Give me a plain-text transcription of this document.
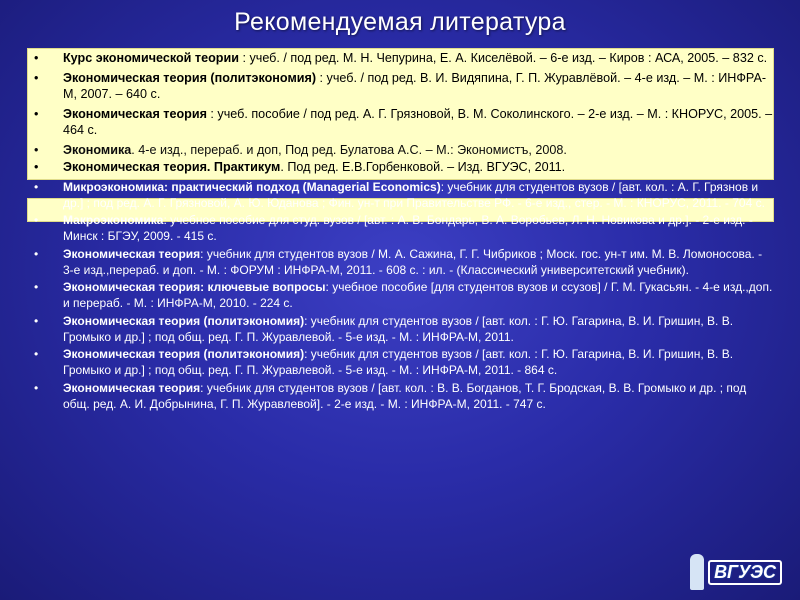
Рекомендуемая литература
• Курс экономической теории : учеб. / под ред. М. Н. Чепурина, Е. А. Киселёвой. – 6-е изд. – Киров : АСА, 2005. – 832 с.
• Экономическая теория (политэкономия) : учеб. / под ред. В. И. Видяпина, Г. П. Журавлёвой. – 4-е изд. – М. : ИНФРА-М, 2007. – 640 с.
• Экономическая теория : учеб. пособие / под ред. А. Г. Грязновой, В. М. Соколинского. – 2-е изд. – М. : КНОРУС, 2005. – 464 с.
• Экономика. 4-е изд., перераб. и доп, Под ред. Булатова А.С. – М.: Экономистъ, 2008.
• Экономическая теория. Практикум. Под ред. Е.В.Горбенковой. – Изд. ВГУЭС, 2011.
• Микроэкономика: практический подход (Managerial Economics): учебник для студентов вузов / [авт. кол. : А. Г. Грязнов и др.] ; под ред. А. Г. Грязновой, А. Ю. Юданова ; Фин. ун-т при Правительстве РФ. - 6-е изд., стер. - М. : КНОРУС, 2011. - 704 с.
• Макроэкономика: учебное пособие для студ. вузов / [авт. : А. В. Бондарь, В. А. Воробьев, Л. Н. Новикова и др.]. - 2-е изд. - Минск : БГЭУ, 2009. - 415 с.
• Экономическая теория: учебник для студентов вузов / М. А. Сажина, Г. Г. Чибриков ; Моск. гос. ун-т им. М. В. Ломоносова. - 3-е изд.,перераб. и доп. - М. : ФОРУМ : ИНФРА-М, 2011. - 608 с. : ил. - (Классический университетский учебник).
• Экономическая теория: ключевые вопросы: учебное пособие [для студентов вузов и ссузов] / Г. М. Гукасьян. - 4-е изд.,доп. и перераб. - М. : ИНФРА-М, 2010. - 224 с.
• Экономическая теория (политэкономия): учебник для студентов вузов / [авт. кол. : Г. Ю. Гагарина, В. И. Гришин, В. В. Громыко и др.] ; под общ. ред. Г. П. Журавлевой. - 5-е изд. - М. : ИНФРА-М, 2011.
• Экономическая теория (политэкономия): учебник для студентов вузов / [авт. кол. : Г. Ю. Гагарина, В. И. Гришин, В. В. Громыко и др.] ; под общ. ред. Г. П. Журавлевой. - 5-е изд. - М. : ИНФРА-М, 2011. - 864 с.
• Экономическая теория: учебник для студентов вузов / [авт. кол. : В. В. Богданов, Т. Г. Бродская, В. В. Громыко и др. ; под общ. ред. А. И. Добрынина, Г. П. Журавлевой]. - 2-е изд. - М. : ИНФРА-М, 2011. - 747 с.
ВГУЭС
